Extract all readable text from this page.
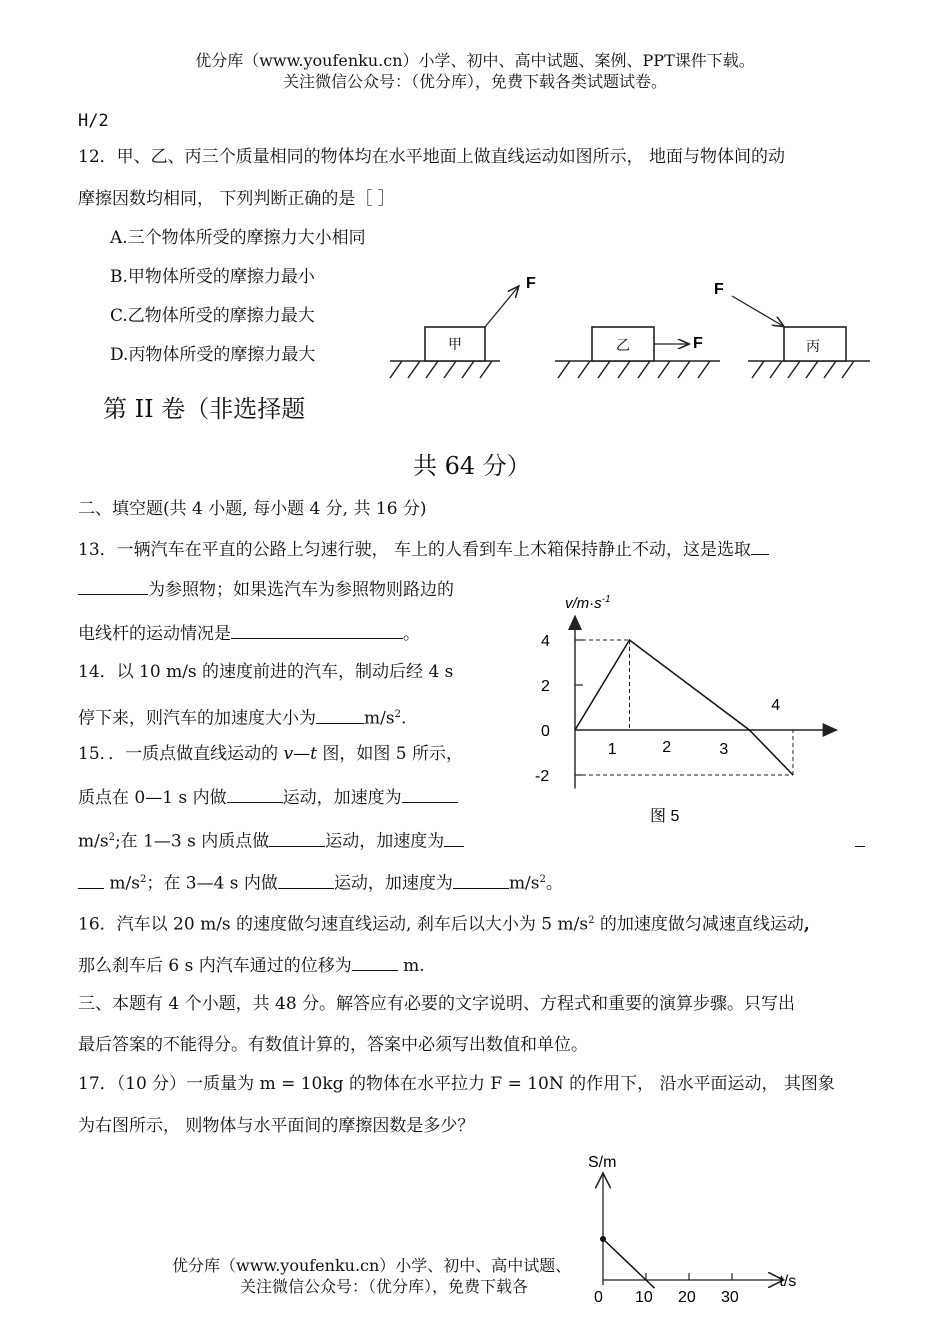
优分库（www.youfenku.cn）小学、初中、高中试题、案例、PPT课件下载。
关注微信公众号：（优分库），免费下载各类试题试卷。
H/2
12．甲、乙、丙三个质量相同的物体均在水平地面上做直线运动如图所示， 地面与物体间的动
摩擦因数均相同， 下列判断正确的是［ ］
A.三个物体所受的摩擦力大小相同
B.甲物体所受的摩擦力最小
C.乙物体所受的摩擦力最大
D.丙物体所受的摩擦力最大
甲
F
乙	F	丙
F
第 II 卷（非选择题
共 64 分）
二、填空题(共 4 小题, 每小题 4 分, 共 16 分)
13．一辆汽车在平直的公路上匀速行驶， 车上的人看到车上木箱保持静止不动，这是选取
为参照物；如果选汽车为参照物则路边的
电线杆的运动情况是	。
14．以 10 m/s 的速度前进的汽车，制动后经 4 s
停下来，则汽车的加速度大小为	$m/s^2$.
15．．一质点做直线运动的 v—t 图，如图 5 所示，
质点在 0—1 s 内做	运动，加速度为
$m/s^2$;在 1—3 s 内质点做	运动，加速度为
$m/s^2$；在 3—4 s 内做	运动，加速度为	$m/s^2$。
$v/m\cdot s^{-1}$
4
2
0
-2
1	2	3
4
图 5
16．汽车以 20 m/s 的速度做匀速直线运动, 刹车后以大小为 5 $m/s^2$ 的加速度做匀减速直线运动,
那么刹车后 6 s 内汽车通过的位移为	m.
三、本题有 4 个小题，共 48 分。解答应有必要的文字说明、方程式和重要的演算步骤。只写出
最后答案的不能得分。有数值计算的，答案中必须写出数值和单位。
17．（10 分）一质量为 m = 10kg 的物体在水平拉力 F = 10N 的作用下， 沿水平面运动， 其图象
为右图所示， 则物体与水平面间的摩擦因数是多少？
S/m
t/s
0 10 20 30
优分库（www.youfenku.cn）小学、初中、高中试题、
关注微信公众号：（优分库），免费下载各
